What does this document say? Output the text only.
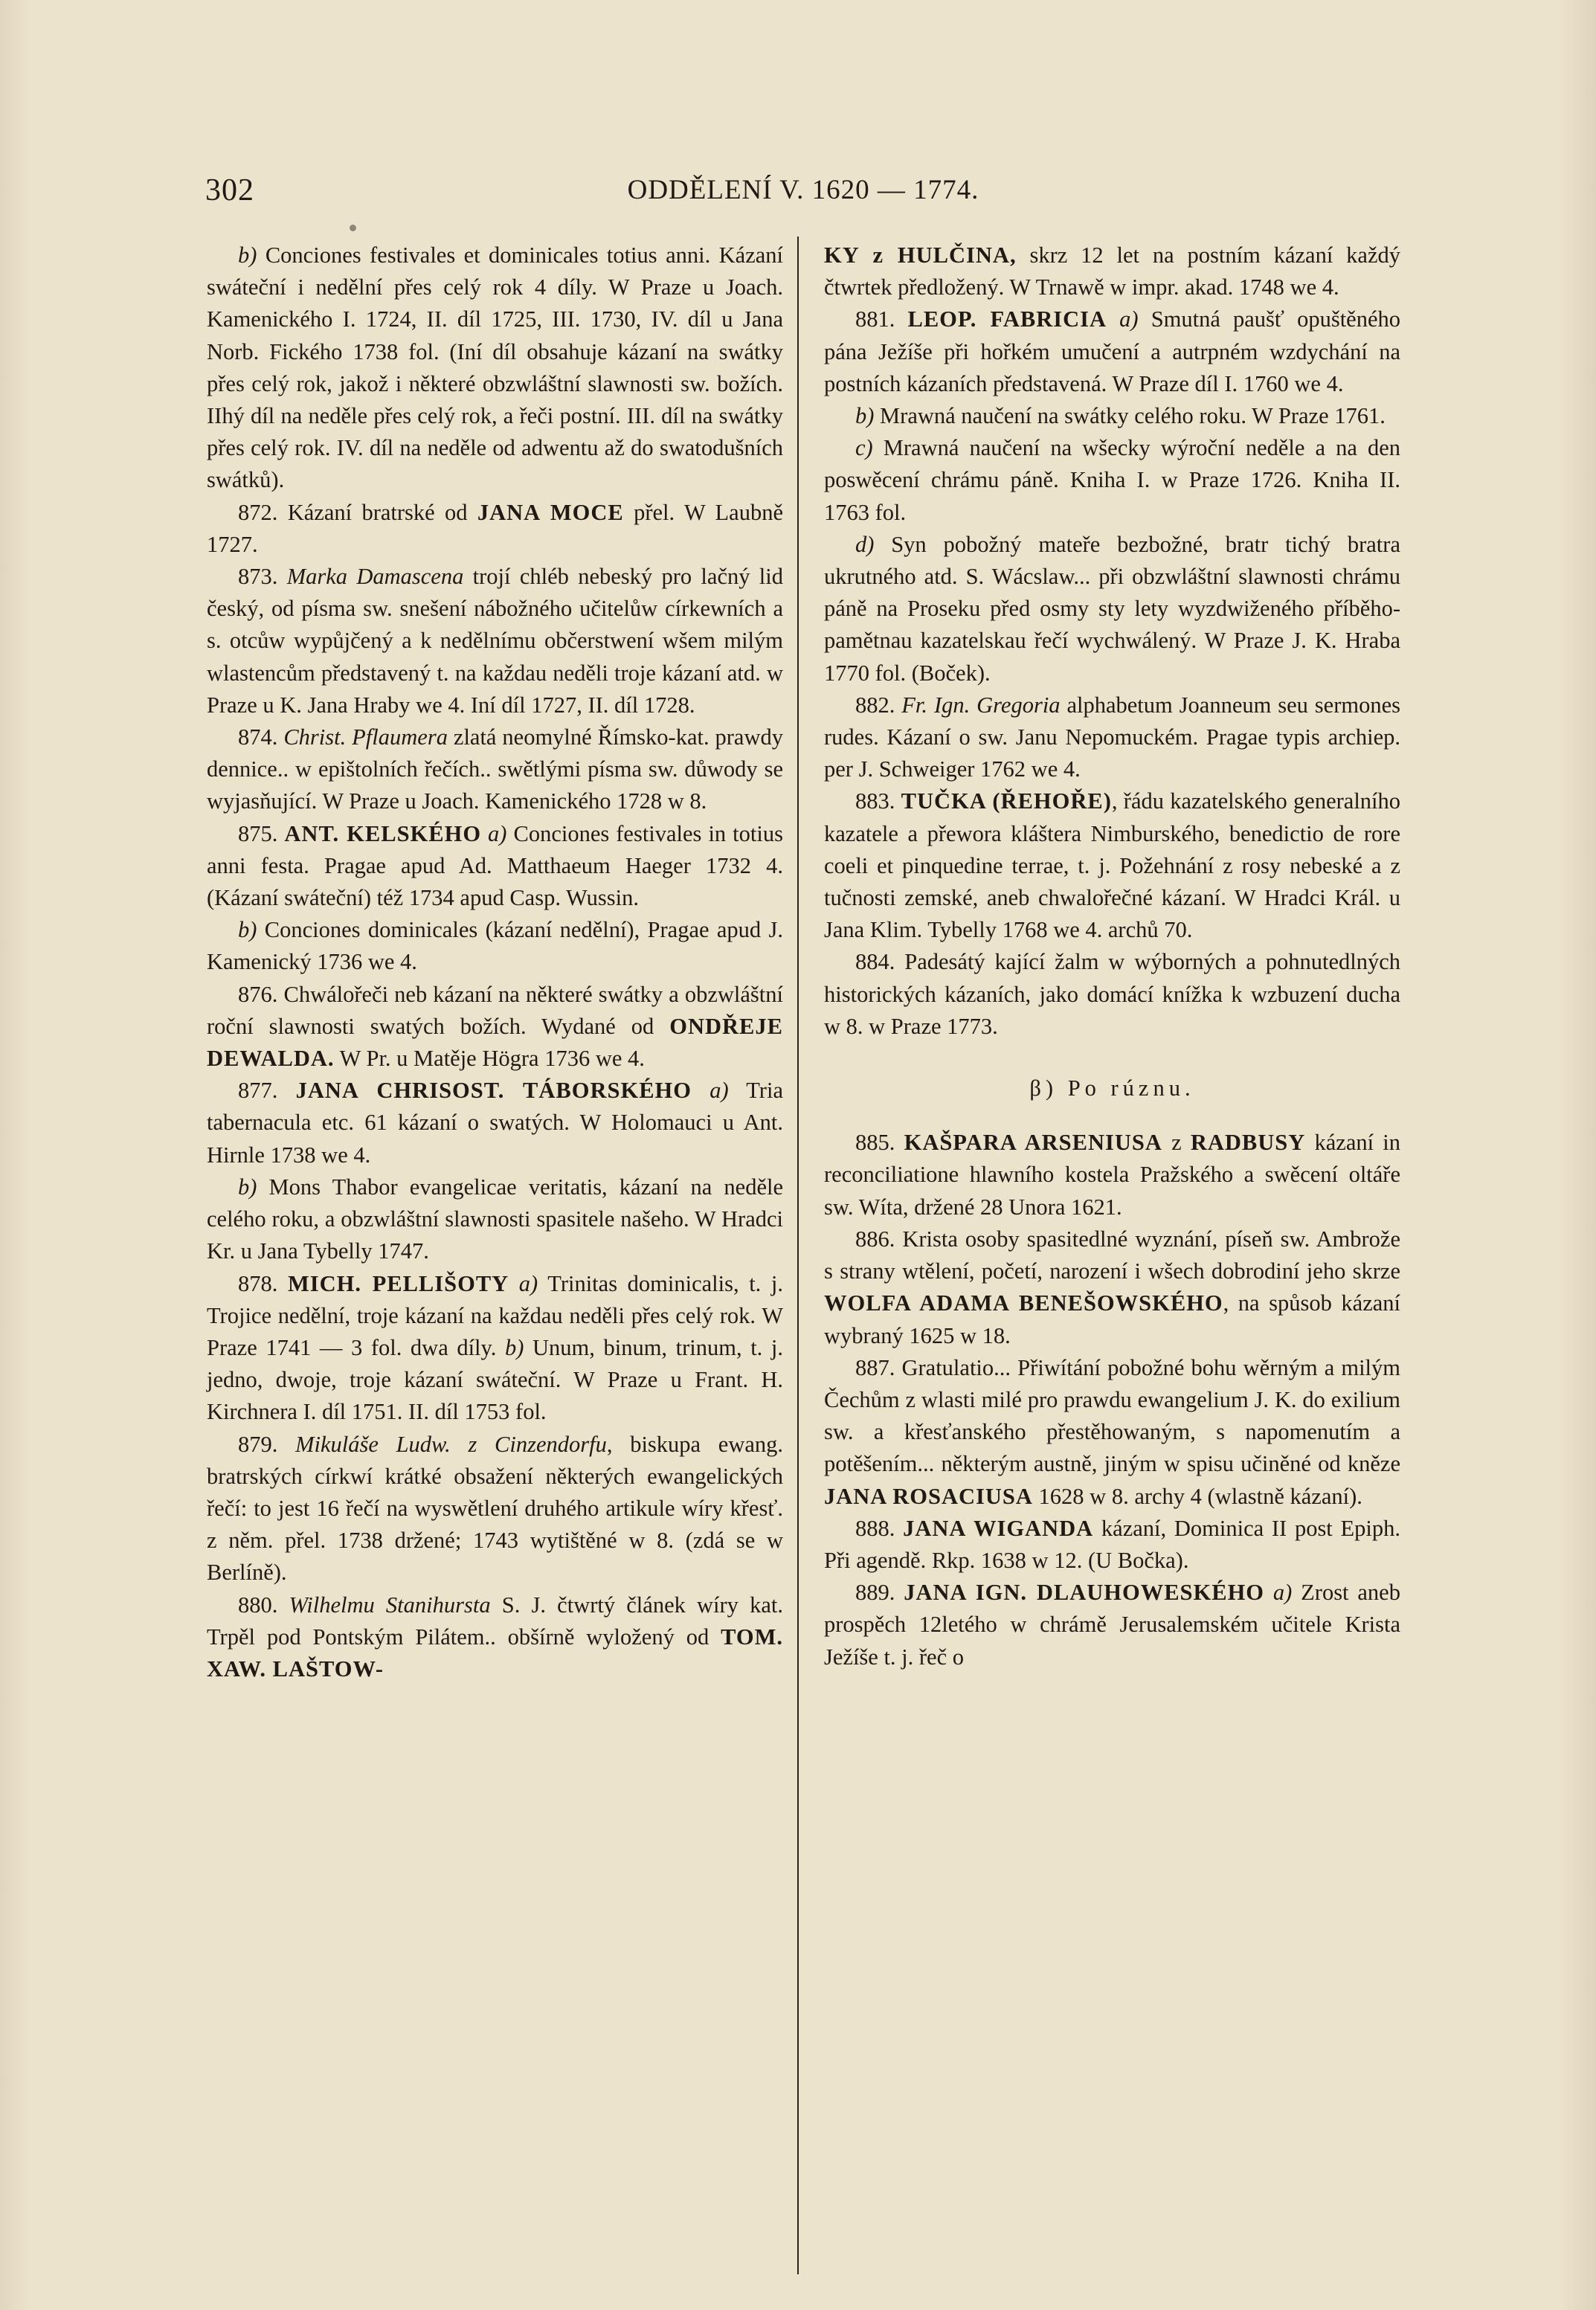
302	ODDĚLENÍ V. 1620 — 1774.

b) Conciones festivales et dominicales totius anni. Kázaní swáteční i nedělní přes celý rok 4 díly. W Praze u Joach. Kamenického I. 1724, II. díl 1725, III. 1730, IV. díl u Jana Norb. Fického 1738 fol. (Iní díl obsahuje kázaní na swátky přes celý rok, jakož i některé obzwláštní slawnosti sw. božích. IIhý díl na neděle přes celý rok, a řeči postní. III. díl na swátky přes celý rok. IV. díl na neděle od adwentu až do swatodušních swátků).

872. Kázaní bratrské od JANA MOCE přel. W Laubně 1727.

873. Marka Damascena trojí chléb nebeský pro lačný lid český, od písma sw. snešení nábožného učitelůw církewních a s. otcůw wypůjčený a k nedělnímu občerstwení wšem milým wlastencům představený t. na každau neděli troje kázaní atd. w Praze u K. Jana Hraby we 4. Iní díl 1727, II. díl 1728.

874. Christ. Pflaumera zlatá neomylné Římsko-kat. prawdy dennice.. w epištolních řečích.. swětlými písma sw. důwody se wyjasňující. W Praze u Joach. Kamenického 1728 w 8.

875. ANT. KELSKÉHO a) Conciones festivales in totius anni festa. Pragae apud Ad. Matthaeum Haeger 1732 4. (Kázaní swáteční) též 1734 apud Casp. Wussin.

b) Conciones dominicales (kázaní nedělní), Pragae apud J. Kamenický 1736 we 4.

876. Chwálořeči neb kázaní na některé swátky a obzwláštní roční slawnosti swatých božích. Wydané od ONDŘEJE DEWALDA. W Pr. u Matěje Högra 1736 we 4.

877. JANA CHRISOST. TÁBORSKÉHO a) Tria tabernacula etc. 61 kázaní o swatých. W Holomauci u Ant. Hirnle 1738 we 4.

b) Mons Thabor evangelicae veritatis, kázaní na neděle celého roku, a obzwláštní slawnosti spasitele našeho. W Hradci Kr. u Jana Tybelly 1747.

878. MICH. PELLIŠOTY a) Trinitas dominicalis, t. j. Trojice nedělní, troje kázaní na každau neděli přes celý rok. W Praze 1741 — 3 fol. dwa díly. b) Unum, binum, trinum, t. j. jedno, dwoje, troje kázaní swáteční. W Praze u Frant. H. Kirchnera I. díl 1751. II. díl 1753 fol.

879. Mikuláše Ludw. z Cinzendorfu, biskupa ewang. bratrských církwí krátké obsažení některých ewangelických řečí: to jest 16 řečí na wyswětlení druhého artikule wíry křesť. z něm. přel. 1738 držené; 1743 wytištěné w 8. (zdá se w Berlíně).

880. Wilhelmu Stanihursta S. J. čtwrtý článek wíry kat. Trpěl pod Pontským Pilátem.. obšírně wyložený od TOM. XAW. LAŠTOW-

KY z HULČINA, skrz 12 let na postním kázaní každý čtwrtek předložený. W Trnawě w impr. akad. 1748 we 4.

881. LEOP. FABRICIA a) Smutná paušť opuštěného pána Ježíše při hořkém umučení a autrpném wzdychání na postních kázaních představená. W Praze díl I. 1760 we 4.

b) Mrawná naučení na swátky celého roku. W Praze 1761.

c) Mrawná naučení na wšecky wýroční neděle a na den poswěcení chrámu páně. Kniha I. w Praze 1726. Kniha II. 1763 fol.

d) Syn pobožný mateře bezbožné, bratr tichý bratra ukrutného atd. S. Wácslaw... při obzwláštní slawnosti chrámu páně na Proseku před osmy sty lety wyzdwiženého příběho-pamětnau kazatelskau řečí wychwálený. W Praze J. K. Hraba 1770 fol. (Boček).

882. Fr. Ign. Gregoria alphabetum Joanneum seu sermones rudes. Kázaní o sw. Janu Nepomuckém. Pragae typis archiep. per J. Schweiger 1762 we 4.

883. TUČKA (ŘEHOŘE), řádu kazatelského generalního kazatele a přewora kláštera Nimburského, benedictio de rore coeli et pinquedine terrae, t. j. Požehnání z rosy nebeské a z tučnosti zemské, aneb chwalořečné kázaní. W Hradci Král. u Jana Klim. Tybelly 1768 we 4. archů 70.

884. Padesátý kající žalm w wýborných a pohnutedlných historických kázaních, jako domácí knížka k wzbuzení ducha w 8. w Praze 1773.

β) Po rúznu.

885. KAŠPARA ARSENIUSA z RADBUSY kázaní in reconciliatione hlawního kostela Pražského a swěcení oltáře sw. Wíta, držené 28 Unora 1621.

886. Krista osoby spasitedlné wyznání, píseň sw. Ambrože s strany wtělení, početí, narození i wšech dobrodiní jeho skrze WOLFA ADAMA BENEŠOWSKÉHO, na spůsob kázaní wybraný 1625 w 18.

887. Gratulatio... Přiwítání pobožné bohu wěrným a milým Čechům z wlasti milé pro prawdu ewangelium J. K. do exilium sw. a křesťanského přestěhowaným, s napomenutím a potěšením... některým austně, jiným w spisu učiněné od kněze JANA ROSACIUSA 1628 w 8. archy 4 (wlastně kázaní).

888. JANA WIGANDA kázaní, Dominica II post Epiph. Při agendě. Rkp. 1638 w 12. (U Bočka).

889. JANA IGN. DLAUHOWESKÉHO a) Zrost aneb prospěch 12letého w chrámě Jerusalemském učitele Krista Ježíše t. j. řeč o
